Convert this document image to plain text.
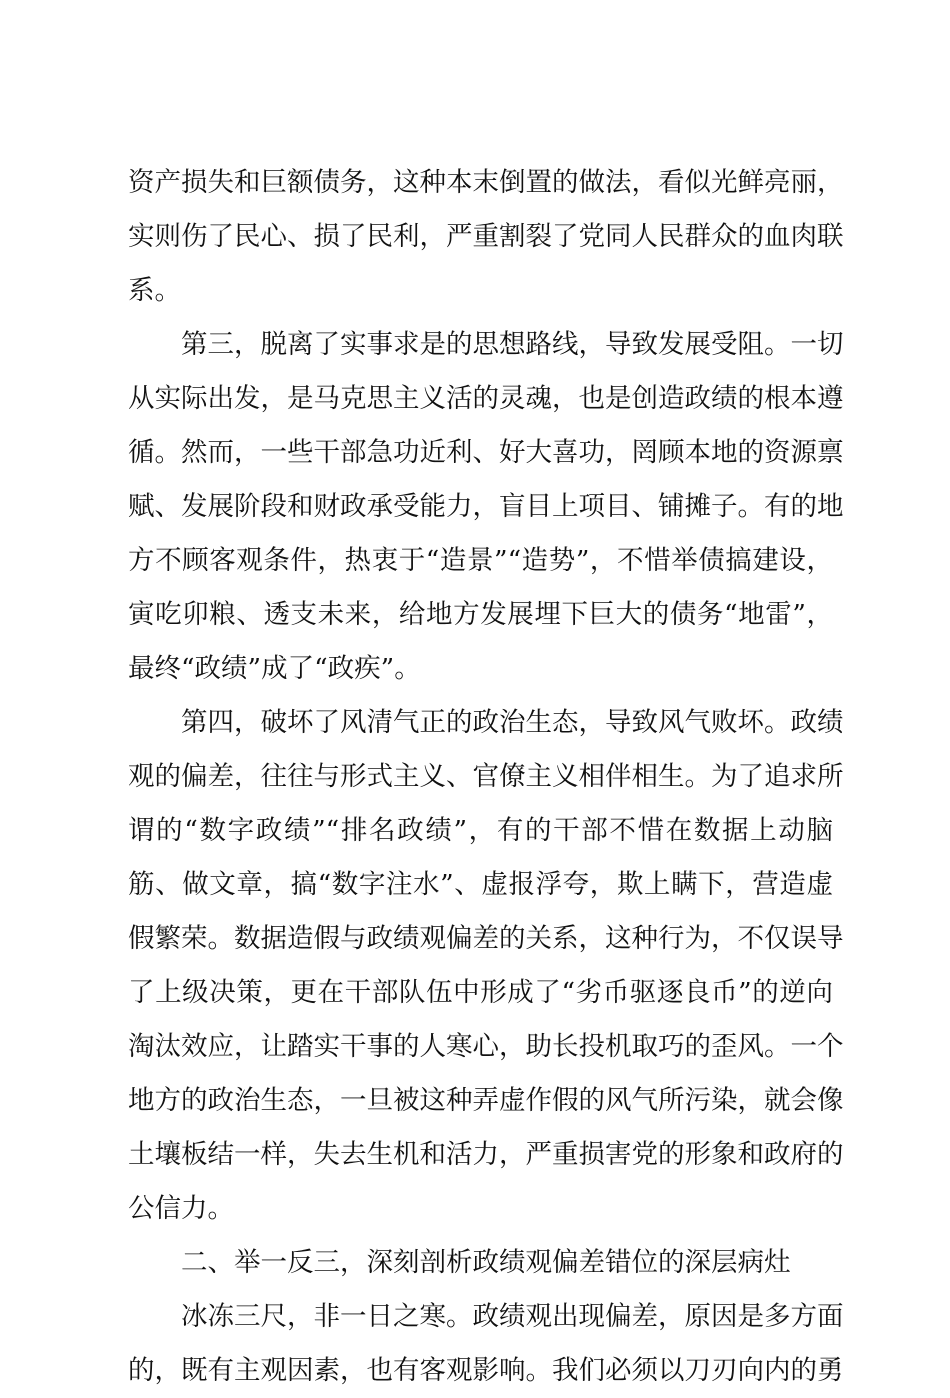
资产损失和巨额债务，这种本末倒置的做法，看似光鲜亮丽，
实则伤了民心、损了民利，严重割裂了党同人民群众的血肉联
系。
第三，脱离了实事求是的思想路线，导致发展受阻。一切
从实际出发，是马克思主义活的灵魂，也是创造政绩的根本遵
循。然而，一些干部急功近利、好大喜功，罔顾本地的资源禀
赋、发展阶段和财政承受能力，盲目上项目、铺摊子。有的地
方不顾客观条件，热衷于“造景”“造势”，不惜举债搞建设，
寅吃卯粮、透支未来，给地方发展埋下巨大的债务“地雷”，
最终“政绩”成了“政疾”。
第四，破坏了风清气正的政治生态，导致风气败坏。政绩
观的偏差，往往与形式主义、官僚主义相伴相生。为了追求所
谓的“数字政绩”“排名政绩”，有的干部不惜在数据上动脑
筋、做文章，搞“数字注水”、虚报浮夸，欺上瞒下，营造虚
假繁荣。数据造假与政绩观偏差的关系，这种行为，不仅误导
了上级决策，更在干部队伍中形成了“劣币驱逐良币”的逆向
淘汰效应，让踏实干事的人寒心，助长投机取巧的歪风。一个
地方的政治生态，一旦被这种弄虚作假的风气所污染，就会像
土壤板结一样，失去生机和活力，严重损害党的形象和政府的
公信力。
二、举一反三，深刻剖析政绩观偏差错位的深层病灶
冰冻三尺，非一日之寒。政绩观出现偏差，原因是多方面
的，既有主观因素，也有客观影响。我们必须以刀刃向内的勇
